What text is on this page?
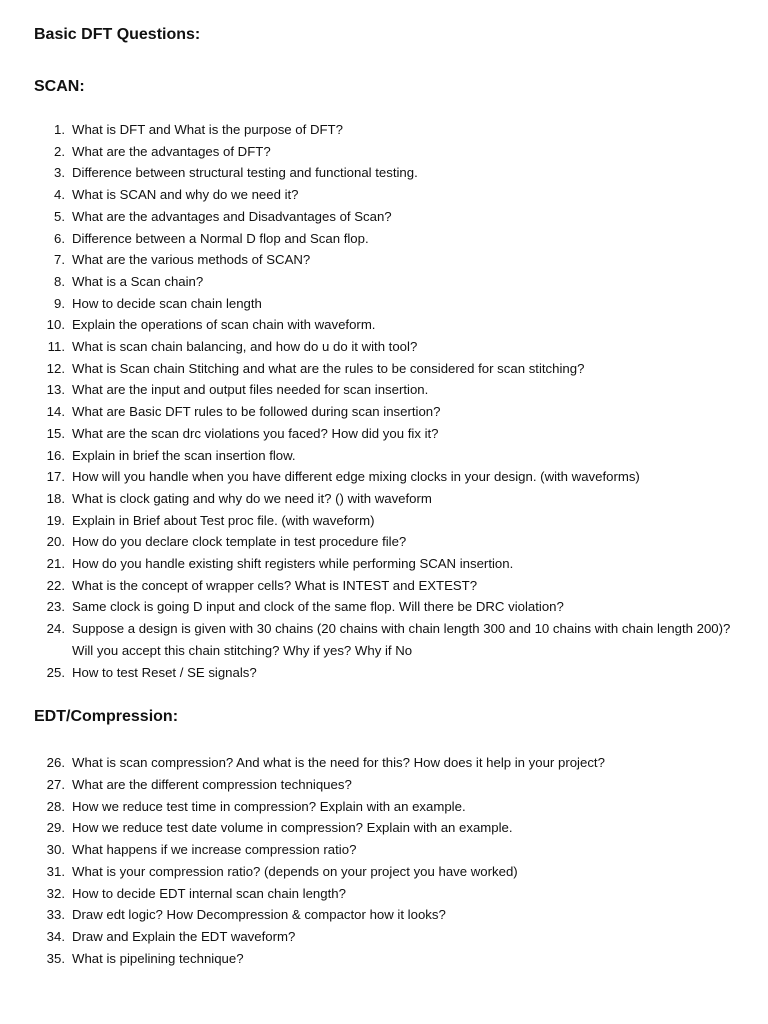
Basic DFT Questions:
SCAN:
1. What is DFT and What is the purpose of DFT?
2. What are the advantages of DFT?
3. Difference between structural testing and functional testing.
4. What is SCAN and why do we need it?
5. What are the advantages and Disadvantages of Scan?
6. Difference between a Normal D flop and Scan flop.
7. What are the various methods of SCAN?
8. What is a Scan chain?
9. How to decide scan chain length
10. Explain the operations of scan chain with waveform.
11. What is scan chain balancing, and how do u do it with tool?
12. What is Scan chain Stitching and what are the rules to be considered for scan stitching?
13. What are the input and output files needed for scan insertion.
14. What are Basic DFT rules to be followed during scan insertion?
15. What are the scan drc violations you faced? How did you fix it?
16. Explain in brief the scan insertion flow.
17. How will you handle when you have different edge mixing clocks in your design. (with waveforms)
18. What is clock gating and why do we need it? () with waveform
19. Explain in Brief about Test proc file. (with waveform)
20. How do you declare clock template in test procedure file?
21. How do you handle existing shift registers while performing SCAN insertion.
22. What is the concept of wrapper cells? What is INTEST and EXTEST?
23. Same clock is going D input and clock of the same flop. Will there be DRC violation?
24. Suppose a design is given with 30 chains (20 chains with chain length 300 and 10 chains with chain length 200)? Will you accept this chain stitching? Why if yes? Why if No
25. How to test Reset / SE signals?
EDT/Compression:
26. What is scan compression? And what is the need for this? How does it help in your project?
27. What are the different compression techniques?
28. How we reduce test time in compression? Explain with an example.
29. How we reduce test date volume in compression? Explain with an example.
30. What happens if we increase compression ratio?
31. What is your compression ratio? (depends on your project you have worked)
32. How to decide EDT internal scan chain length?
33. Draw edt logic? How Decompression & compactor how it looks?
34. Draw and Explain the EDT waveform?
35. What is pipelining technique?
